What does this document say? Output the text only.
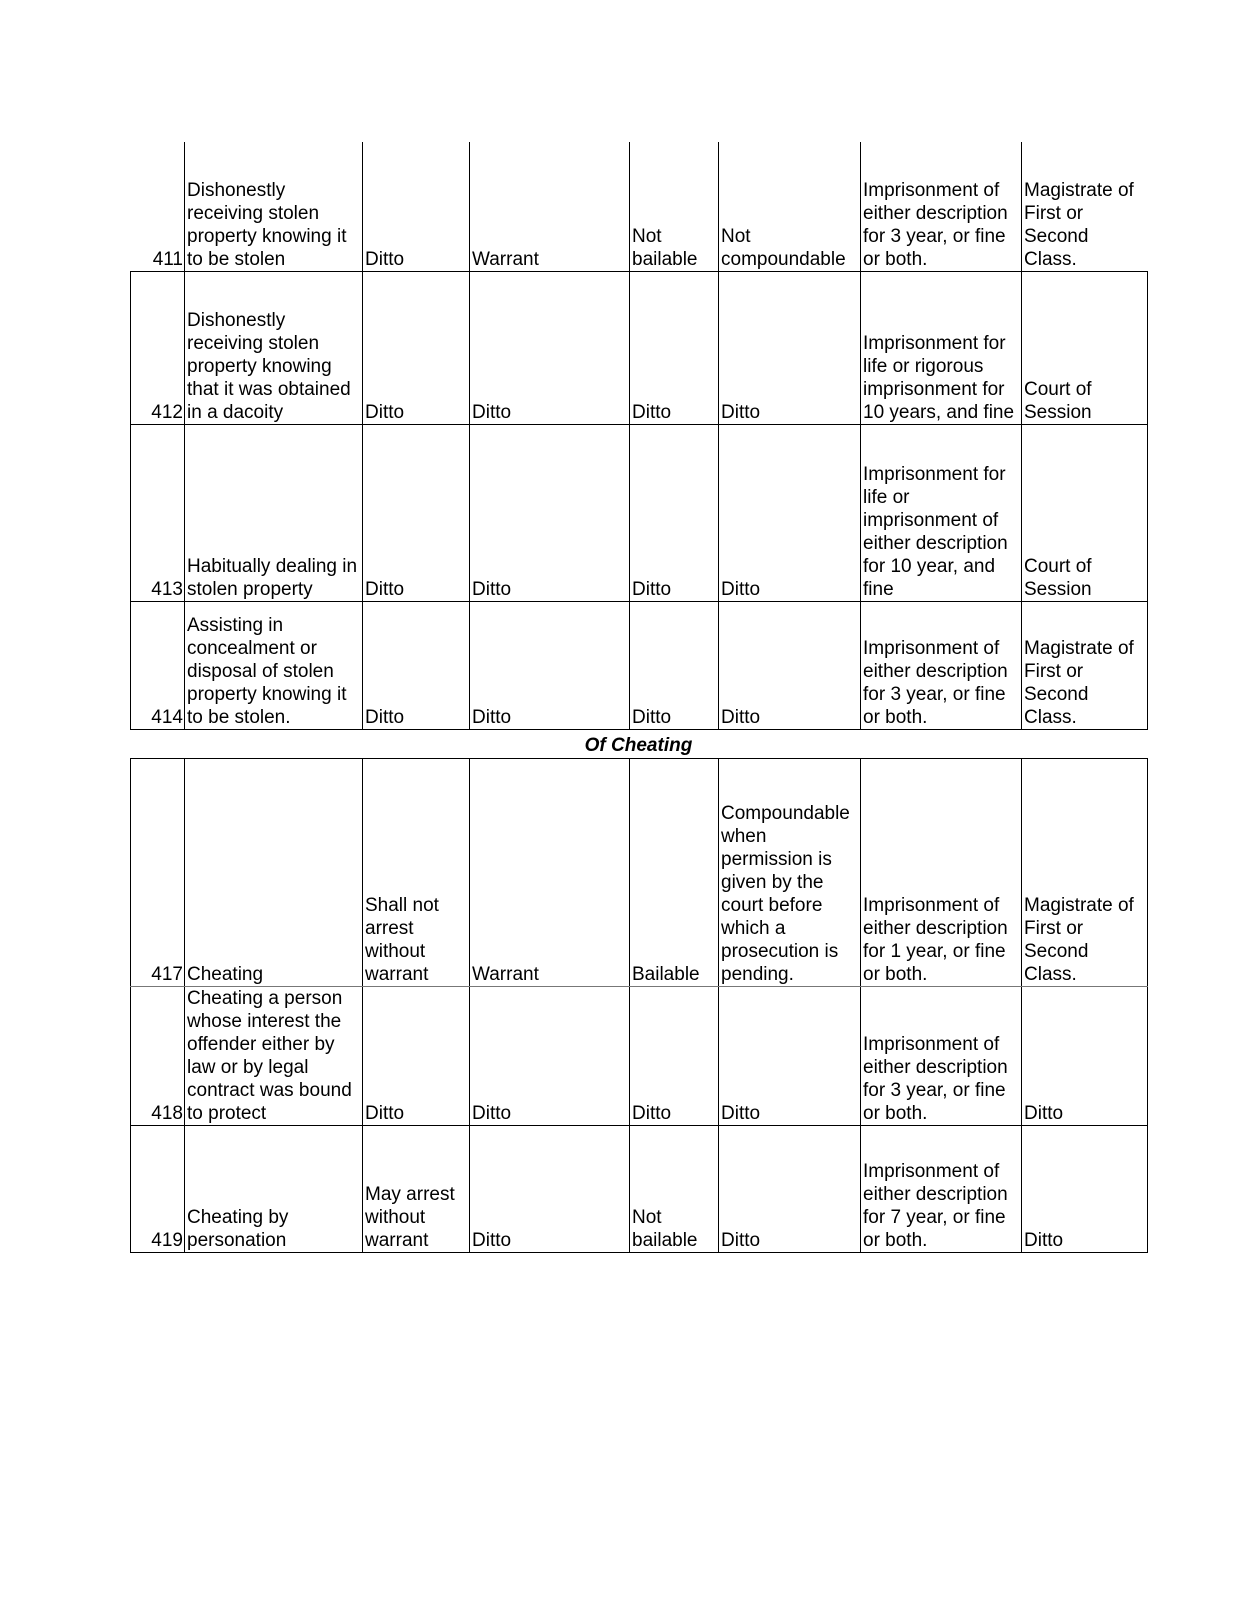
411	Dishonestly receiving stolen property knowing it to be stolen	Ditto	Warrant	Not bailable	Not compoundable	Imprisonment of either description for 3 year, or fine or both.	Magistrate of First or Second Class.
412	Dishonestly receiving stolen property knowing that it was obtained in a dacoity	Ditto	Ditto	Ditto	Ditto	Imprisonment for life or rigorous imprisonment for 10 years, and fine	Court of Session
413	Habitually dealing in stolen property	Ditto	Ditto	Ditto	Ditto	Imprisonment for life or imprisonment of either description for 10 year, and fine	Court of Session
414	Assisting in concealment or disposal of stolen property knowing it to be stolen.	Ditto	Ditto	Ditto	Ditto	Imprisonment of either description for 3 year, or fine or both.	Magistrate of First or Second Class.
Of Cheating
417	Cheating	Shall not arrest without warrant	Warrant	Bailable	Compoundable when permission is given by the court before which a prosecution is pending.	Imprisonment of either description for 1 year, or fine or both.	Magistrate of First or Second Class.
418	Cheating a person whose interest the offender either by law or by legal contract was bound to protect	Ditto	Ditto	Ditto	Ditto	Imprisonment of either description for 3 year, or fine or both.	Ditto
419	Cheating by personation	May arrest without warrant	Ditto	Not bailable	Ditto	Imprisonment of either description for 7 year, or fine or both.	Ditto
